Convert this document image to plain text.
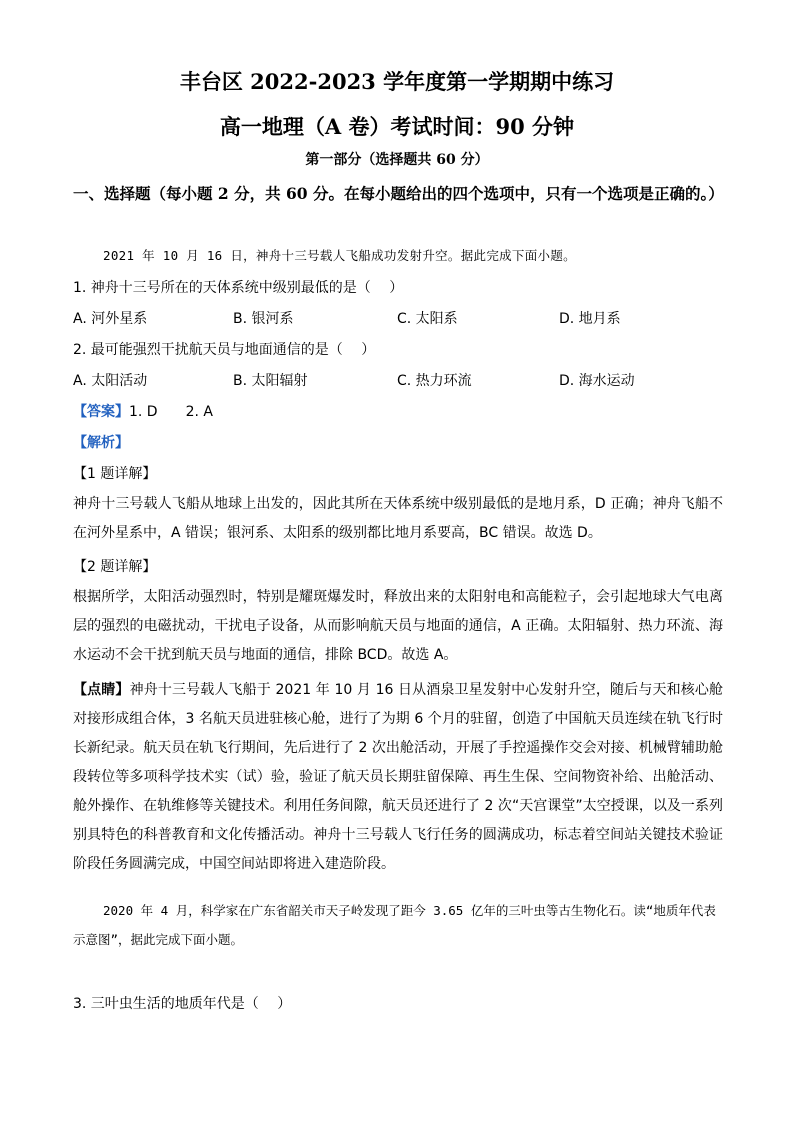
丰台区 2022-2023 学年度第一学期期中练习
高一地理（A 卷）考试时间：90 分钟
第一部分（选择题共 60 分）
一、选择题（每小题 2 分，共 60 分。在每小题给出的四个选项中，只有一个选项是正确的。）
2021 年 10 月 16 日，神舟十三号载人飞船成功发射升空。据此完成下面小题。
1. 神舟十三号所在的天体系统中级别最低的是（　 ）
A. 河外星系	B. 银河系	C. 太阳系	D. 地月系
2. 最可能强烈干扰航天员与地面通信的是（　 ）
A. 太阳活动	B. 太阳辐射	C. 热力环流	D. 海水运动
【答案】1. D　　2. A
【解析】
【1 题详解】
神舟十三号载人飞船从地球上出发的，因此其所在天体系统中级别最低的是地月系，D 正确；神舟飞船不在河外星系中，A 错误；银河系、太阳系的级别都比地月系要高，BC 错误。故选 D。
【2 题详解】
根据所学，太阳活动强烈时，特别是耀斑爆发时，释放出来的太阳射电和高能粒子，会引起地球大气电离层的强烈的电磁扰动，干扰电子设备，从而影响航天员与地面的通信，A 正确。太阳辐射、热力环流、海水运动不会干扰到航天员与地面的通信，排除 BCD。故选 A。
【点睛】神舟十三号载人飞船于 2021 年 10 月 16 日从酒泉卫星发射中心发射升空，随后与天和核心舱对接形成组合体，3 名航天员进驻核心舱，进行了为期 6 个月的驻留，创造了中国航天员连续在轨飞行时长新纪录。航天员在轨飞行期间，先后进行了 2 次出舱活动，开展了手控遥操作交会对接、机械臂辅助舱段转位等多项科学技术实（试）验，验证了航天员长期驻留保障、再生生保、空间物资补给、出舱活动、舱外操作、在轨维修等关键技术。利用任务间隙，航天员还进行了 2 次“天宫课堂”太空授课，以及一系列别具特色的科普教育和文化传播活动。神舟十三号载人飞行任务的圆满成功，标志着空间站关键技术验证阶段任务圆满完成，中国空间站即将进入建造阶段。
2020 年 4 月，科学家在广东省韶关市天子岭发现了距今 3.65 亿年的三叶虫等古生物化石。读“地质年代表示意图”，据此完成下面小题。
3. 三叶虫生活的地质年代是（　 ）
